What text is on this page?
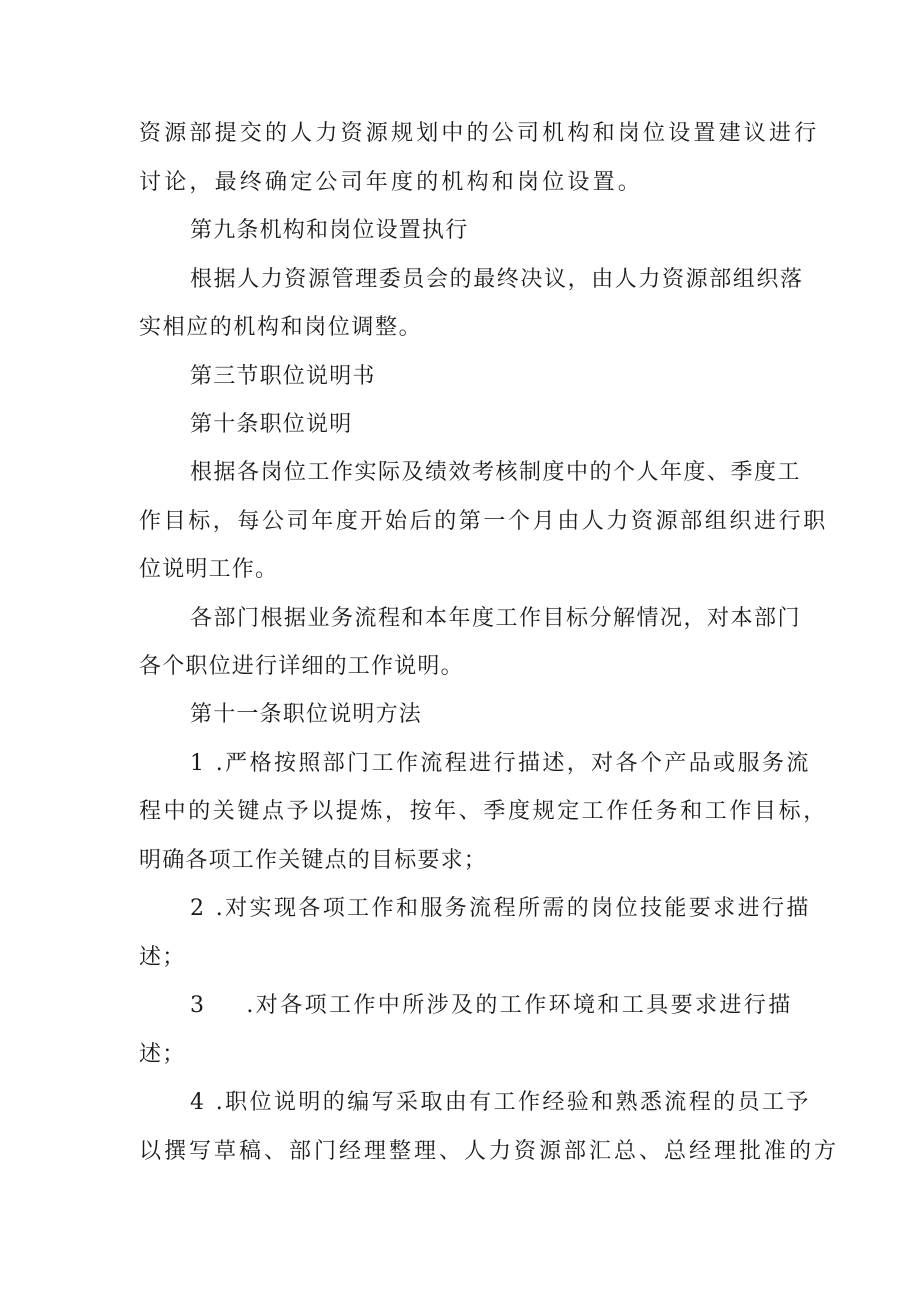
资源部提交的人力资源规划中的公司机构和岗位设置建议进行

讨论，最终确定公司年度的机构和岗位设置。

第九条机构和岗位设置执行

根据人力资源管理委员会的最终决议，由人力资源部组织落

实相应的机构和岗位调整。

第三节职位说明书

第十条职位说明

根据各岗位工作实际及绩效考核制度中的个人年度、季度工

作目标，每公司年度开始后的第一个月由人力资源部组织进行职

位说明工作。

各部门根据业务流程和本年度工作目标分解情况，对本部门

各个职位进行详细的工作说明。

第十一条职位说明方法

1 .严格按照部门工作流程进行描述，对各个产品或服务流

程中的关键点予以提炼，按年、季度规定工作任务和工作目标，

明确各项工作关键点的目标要求；

2 .对实现各项工作和服务流程所需的岗位技能要求进行描

述；

3 .对各项工作中所涉及的工作环境和工具要求进行描

述；

4 .职位说明的编写采取由有工作经验和熟悉流程的员工予

以撰写草稿、部门经理整理、人力资源部汇总、总经理批准的方
